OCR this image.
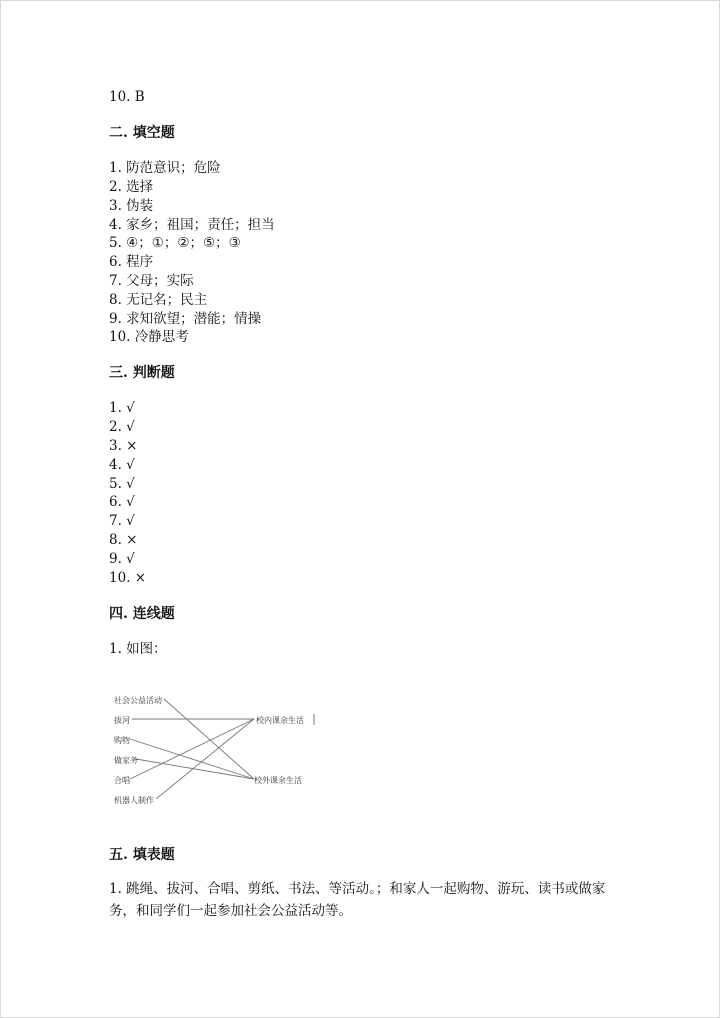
10. B
二. 填空题
1. 防范意识；危险
2. 选择
3. 伪装
4. 家乡；祖国；责任；担当
5. ④；①；②；⑤；③
6. 程序
7. 父母；实际
8. 无记名；民主
9. 求知欲望；潜能；情操
10. 冷静思考
三. 判断题
1. √
2. √
3. ×
4. √
5. √
6. √
7. √
8. ×
9. √
10. ×
四. 连线题
1. 如图：
社会公益活动
拔河
购物
做家务
合唱
机器人制作
校内课余生活
校外课余生活
五. 填表题
1. 跳绳、拔河、合唱、剪纸、书法、等活动。；和家人一起购物、游玩、读书或做家务，和同学们一起参加社会公益活动等。
